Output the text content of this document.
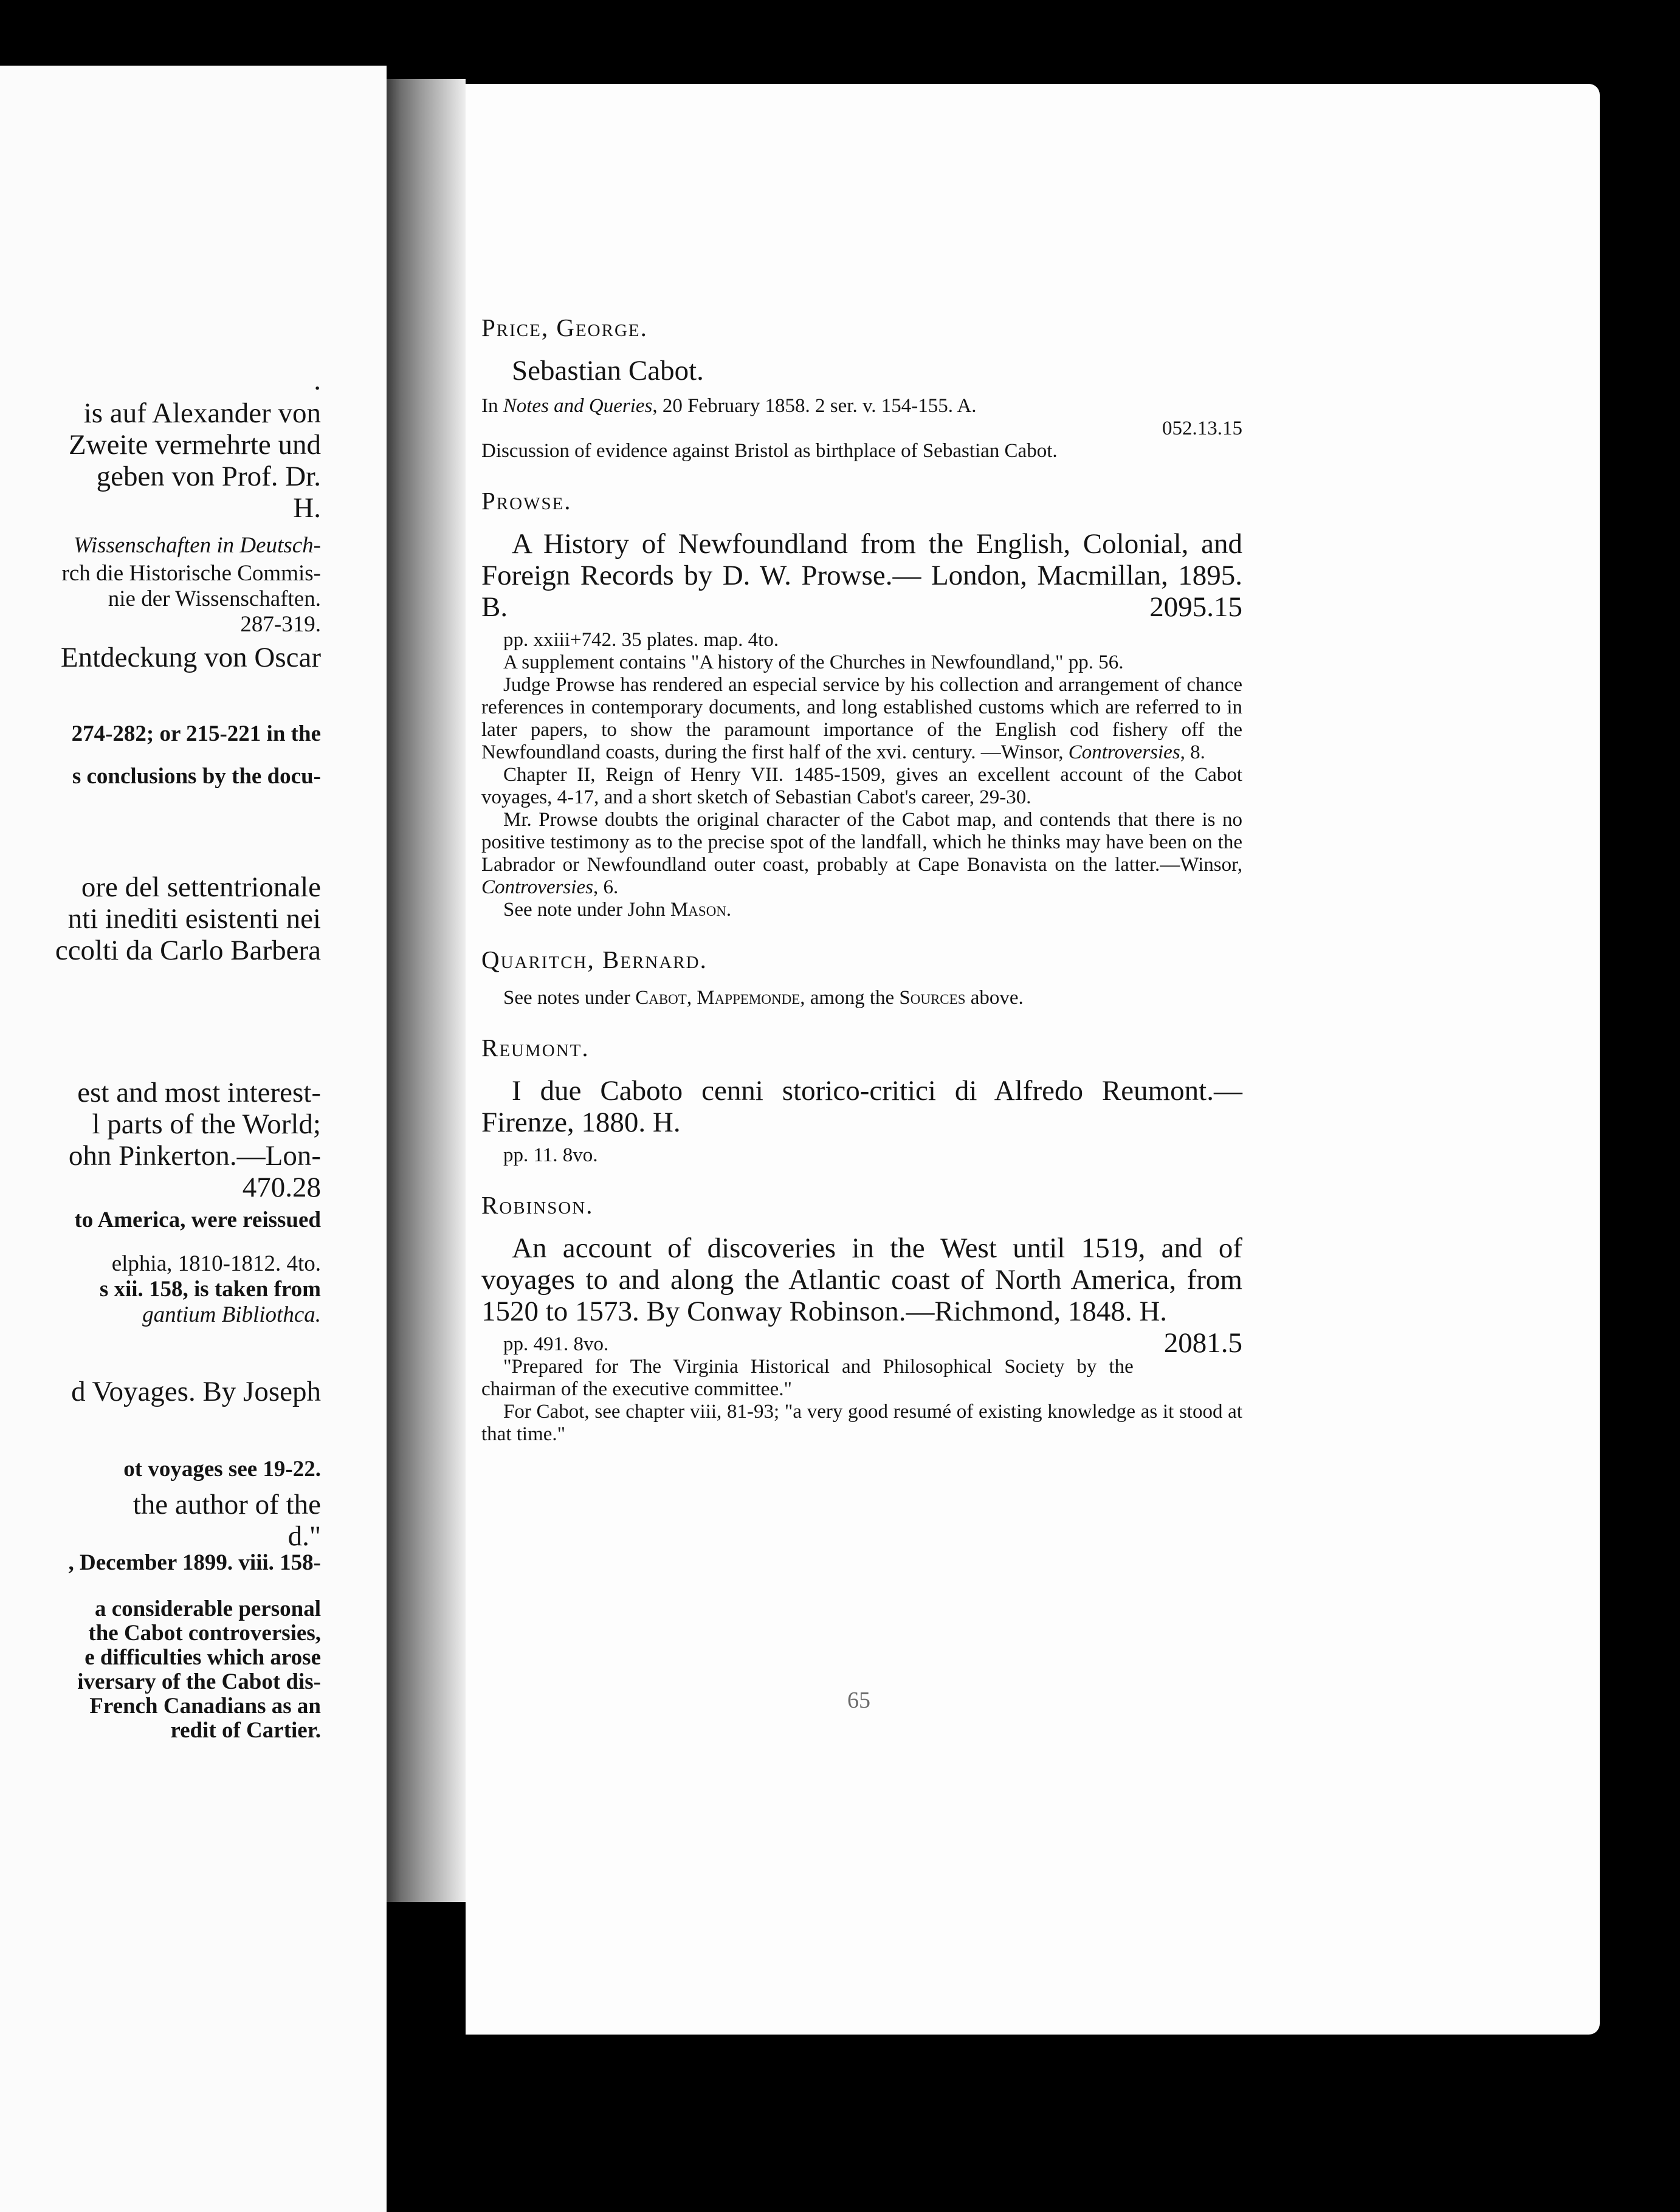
.
is auf Alexander von
Zweite vermehrte und
geben von Prof. Dr.
H.
Wissenschaften in Deutsch-
rch die Historische Commis-
nie der Wissenschaften.
287-319.
Entdeckung von Oscar
274-282; or 215-221 in the
s conclusions by the docu-
ore del settentrionale
nti inediti esistenti nei
ccolti da Carlo Barbera
est and most interest-
l parts of the World;
ohn Pinkerton.—Lon-
470.28
to America, were reissued
elphia, 1810-1812. 4to.
s xii. 158, is taken from
gantium Bibliothca.
d Voyages. By Joseph
ot voyages see 19-22.
the author of the
d."
, December 1899. viii. 158-
a considerable personal
the Cabot controversies,
e difficulties which arose
iversary of the Cabot dis-
French Canadians as an
redit of Cartier.
Price, George.
Sebastian Cabot.

In Notes and Queries, 20 February 1858. 2 ser. v. 154-155. A.

052.13.15

Discussion of evidence against Bristol as birthplace of Sebastian Cabot.

Prowse.

A History of Newfoundland from the English, Colonial, and Foreign Records by D. W. Prowse.— London, Macmillan, 1895. B.	2095.15

pp. xxiii+742. 35 plates. map. 4to.

A supplement contains "A history of the Churches in Newfoundland," pp. 56.

Judge Prowse has rendered an especial service by his collection and arrangement of chance references in contemporary documents, and long established customs which are referred to in later papers, to show the paramount importance of the English cod fishery off the Newfoundland coasts, during the first half of the xvi. century. —Winsor, Controversies, 8.

Chapter II, Reign of Henry VII. 1485-1509, gives an excellent account of the Cabot voyages, 4-17, and a short sketch of Sebastian Cabot's career, 29-30.

Mr. Prowse doubts the original character of the Cabot map, and contends that there is no positive testimony as to the precise spot of the landfall, which he thinks may have been on the Labrador or Newfoundland outer coast, probably at Cape Bonavista on the latter.—Winsor, Controversies, 6.

See note under John Mason.

Quaritch, Bernard.

See notes under Cabot, Mappemonde, among the Sources above.

Reumont.

I due Caboto cenni storico-critici di Alfredo Reumont.—Firenze, 1880. H.

pp. 11. 8vo.

Robinson.

An account of discoveries in the West until 1519, and of voyages to and along the Atlantic coast of North America, from 1520 to 1573. By Conway Robinson.—Richmond, 1848. H.
2081.5

pp. 491. 8vo.

"Prepared for The Virginia Historical and Philosophical Society by the chairman of the executive committee."

For Cabot, see chapter viii, 81-93; "a very good resumé of existing knowledge as it stood at that time."

65
